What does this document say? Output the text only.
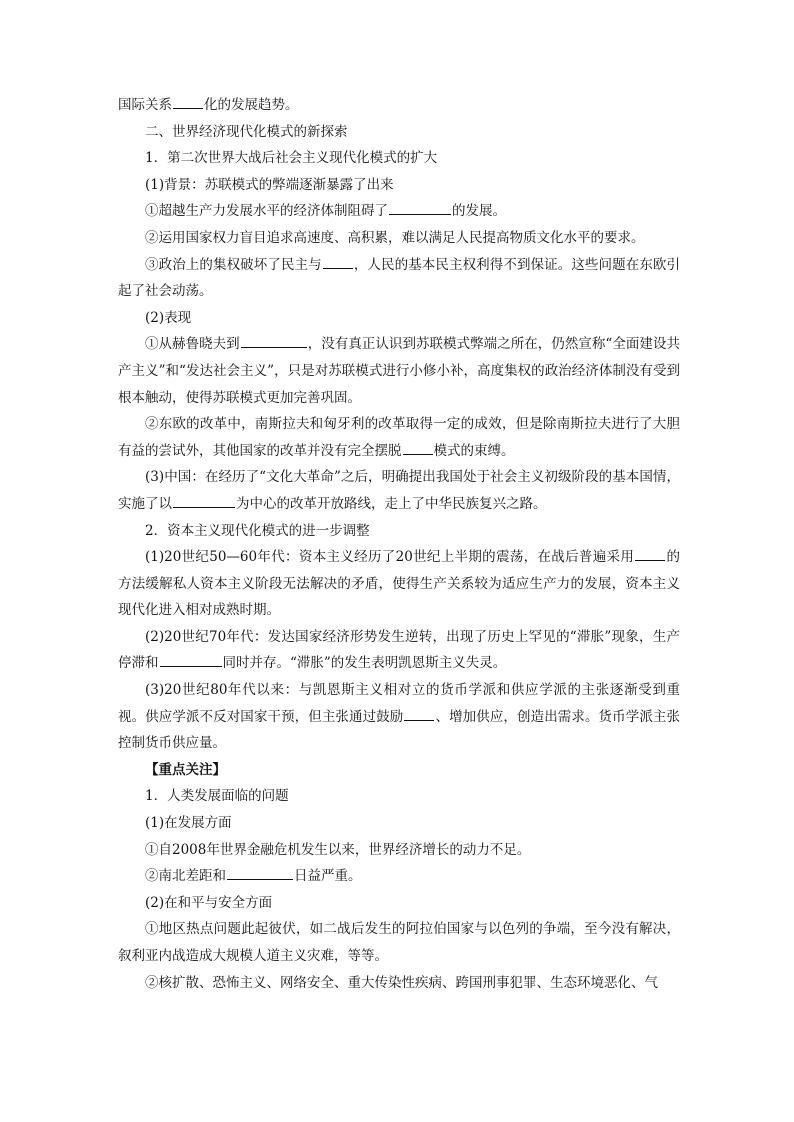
国际关系 化的发展趋势。

二、世界经济现代化模式的新探索

1．第二次世界大战后社会主义现代化模式的扩大

(1)背景：苏联模式的弊端逐渐暴露了出来

①超越生产力发展水平的经济体制阻碍了	的发展。

②运用国家权力盲目追求高速度、高积累，难以满足人民提高物质文化水平的要求。

③政治上的集权破坏了民主与 ，人民的基本民主权利得不到保证。这些问题在东欧引起了社会动荡。

(2)表现

①从赫鲁晓夫到	，没有真正认识到苏联模式弊端之所在，仍然宣称“全面建设共产主义”和“发达社会主义”，只是对苏联模式进行小修小补，高度集权的政治经济体制没有受到根本触动，使得苏联模式更加完善巩固。

②东欧的改革中，南斯拉夫和匈牙利的改革取得一定的成效，但是除南斯拉夫进行了大胆有益的尝试外，其他国家的改革并没有完全摆脱 模式的束缚。

(3)中国：在经历了“文化大革命”之后，明确提出我国处于社会主义初级阶段的基本国情，实施了以	为中心的改革开放路线，走上了中华民族复兴之路。

2．资本主义现代化模式的进一步调整

(1)20世纪50—60年代：资本主义经历了20世纪上半期的震荡，在战后普遍采用 的方法缓解私人资本主义阶段无法解决的矛盾，使得生产关系较为适应生产力的发展，资本主义现代化进入相对成熟时期。

(2)20世纪70年代：发达国家经济形势发生逆转，出现了历史上罕见的“滞胀”现象，生产停滞和	同时并存。“滞胀”的发生表明凯恩斯主义失灵。

(3)20世纪80年代以来：与凯恩斯主义相对立的货币学派和供应学派的主张逐渐受到重视。供应学派不反对国家干预，但主张通过鼓励 、增加供应，创造出需求。货币学派主张控制货币供应量。

【重点关注】

1．人类发展面临的问题

(1)在发展方面

①自2008年世界金融危机发生以来，世界经济增长的动力不足。

②南北差距和	日益严重。

(2)在和平与安全方面

①地区热点问题此起彼伏，如二战后发生的阿拉伯国家与以色列的争端，至今没有解决，叙利亚内战造成大规模人道主义灾难，等等。

②核扩散、恐怖主义、网络安全、重大传染性疾病、跨国刑事犯罪、生态环境恶化、气
